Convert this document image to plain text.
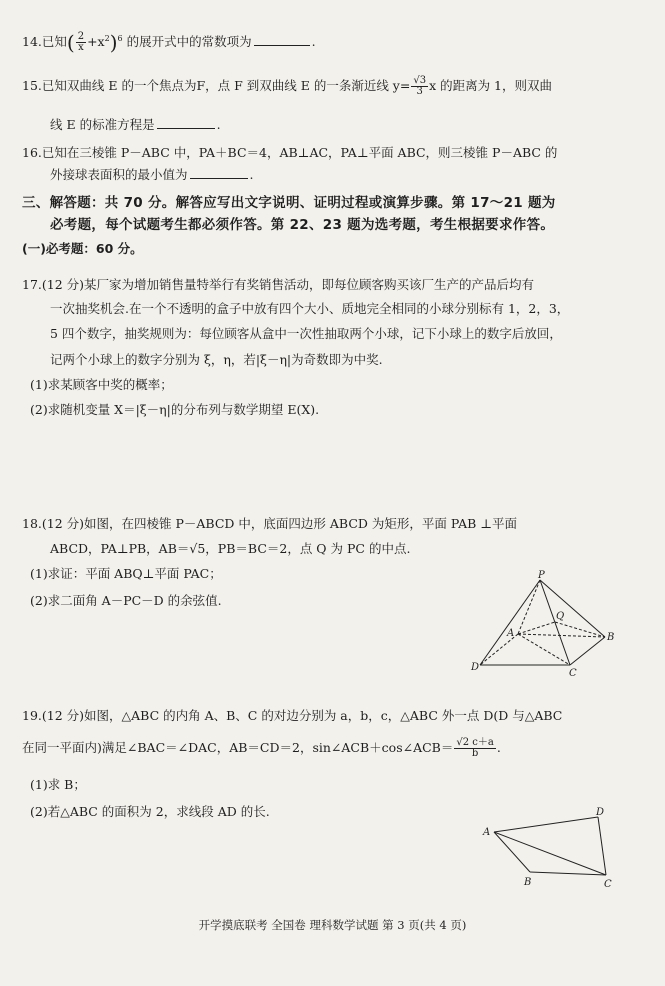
14.已知( $\frac{2}{x} +x^2)^6$ 的展开式中的常数项为	.
15.已知双曲线 E 的一个焦点为F，点 F 到双曲线 E 的一条渐近线 $y= \frac{√3}{3}$ x 的距离为 1，则双曲
线 E 的标准方程是	.
16.已知在三棱锥 P－ABC 中，PA＋BC＝4，AB⊥AC，PA⊥平面 ABC，则三棱锥 P－ABC 的
外接球表面积的最小值为	.
三、解答题：共 70 分。解答应写出文字说明、证明过程或演算步骤。第 17～21 题为
必考题，每个试题考生都必须作答。第 22、23 题为选考题，考生根据要求作答。
(一)必考题：60 分。
17.(12 分)某厂家为增加销售量特举行有奖销售活动，即每位顾客购买该厂生产的产品后均有
一次抽奖机会.在一个不透明的盒子中放有四个大小、质地完全相同的小球分别标有 1，2，3，
5 四个数字，抽奖规则为：每位顾客从盒中一次性抽取两个小球，记下小球上的数字后放回，
记两个小球上的数字分别为 ξ，η，若|ξ－η|为奇数即为中奖.
(1)求某顾客中奖的概率；
(2)求随机变量 X＝|ξ－η|的分布列与数学期望 E(X).
18.(12 分)如图，在四棱锥 P－ABCD 中，底面四边形 ABCD 为矩形，平面 PAB ⊥平面
ABCD，PA⊥PB，AB＝√5，PB＝BC＝2，点 Q 为 PC 的中点.
(1)求证：平面 ABQ⊥平面 PAC；
(2)求二面角 A－PC－D 的余弦值.
P
Q
A	B
C
D
19.(12 分)如图，△ABC 的内角 A、B、C 的对边分别为 a，b，c，△ABC 外一点 D(D 与△ABC
在同一平面内)满足∠BAC＝∠DAC，AB＝CD＝2，sin∠ACB＋cos∠ACB＝ $\frac{√2 c+a}{b}$ .
(1)求 B；
(2)若△ABC 的面积为 2，求线段 AD 的长.
A
D
B	C
开学摸底联考 全国卷 理科数学试题 第 3 页(共 4 页)
